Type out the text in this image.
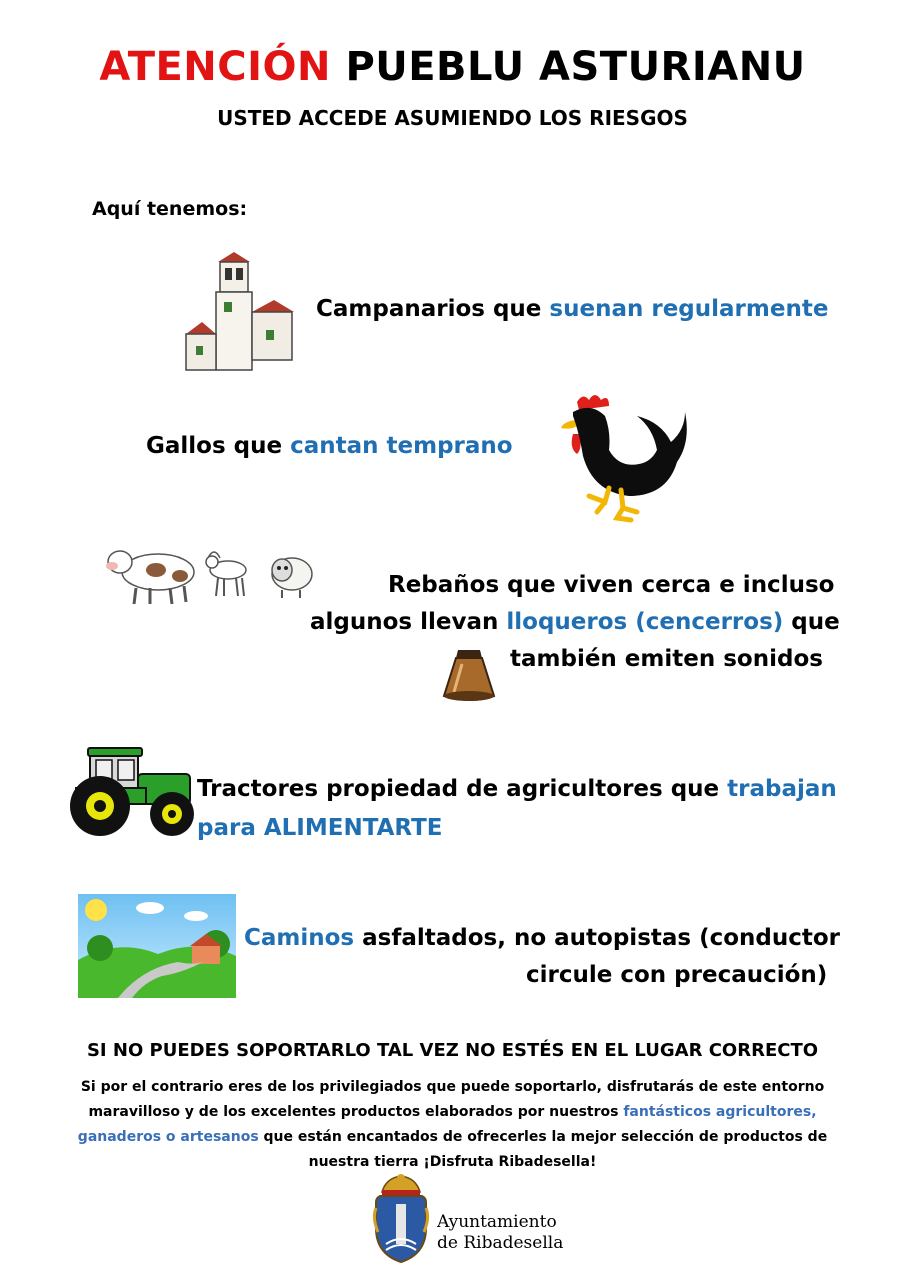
ATENCIÓN PUEBLU ASTURIANU
USTED ACCEDE ASUMIENDO LOS RIESGOS
Aquí tenemos:
Campanarios que suenan regularmente
Gallos que cantan temprano
Rebaños que viven cerca e incluso
algunos llevan lloqueros (cencerros) que
también emiten sonidos
Tractores propiedad de agricultores que trabajan
para ALIMENTARTE
Caminos asfaltados, no autopistas (conductor
circule con precaución)
SI NO PUEDES SOPORTARLO TAL VEZ NO ESTÉS EN EL LUGAR CORRECTO
Si por el contrario eres de los privilegiados que puede soportarlo, disfrutarás de este entorno
maravilloso y de los excelentes productos elaborados por nuestros fantásticos agricultores,
ganaderos o artesanos que están encantados de ofrecerles la mejor selección de productos de
nuestra tierra ¡Disfruta Ribadesella!
Ayuntamiento
de Ribadesella
